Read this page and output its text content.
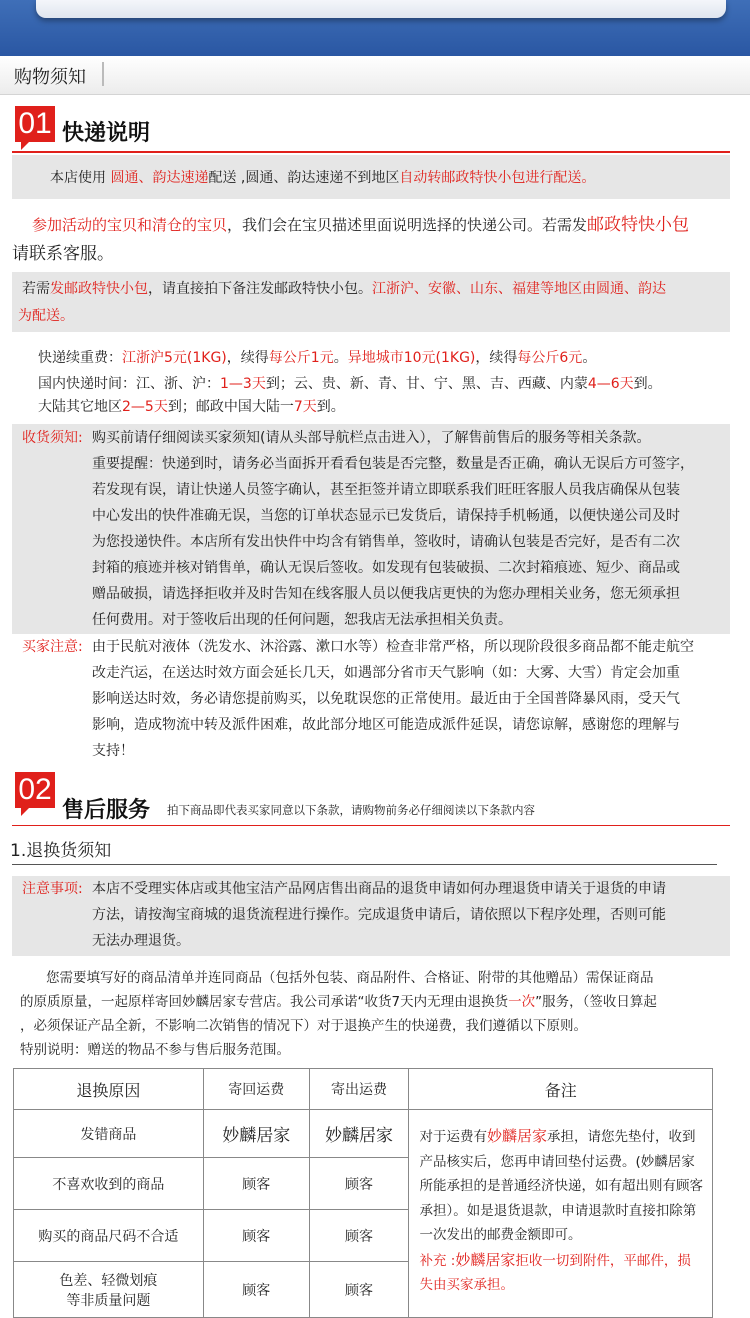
购物须知
01 快递说明
本店使用 圆通、韵达速递配送 ,圆通、韵达速递不到地区自动转邮政特快小包进行配送。
参加活动的宝贝和清仓的宝贝，我们会在宝贝描述里面说明选择的快递公司。若需发邮政特快小包
请联系客服。
若需发邮政特快小包，请直接拍下备注发邮政特快小包。江浙沪、安徽、山东、福建等地区由圆通、韵达
为配送。
快递续重费：江浙沪5元(1KG)，续得每公斤1元。异地城市10元(1KG)，续得每公斤6元。
国内快递时间：江、浙、沪：1—3天到；云、贵、新、青、甘、宁、黑、吉、西藏、内蒙4—6天到。
大陆其它地区2—5天到；邮政中国大陆一7天到。
收货须知: 购买前请仔细阅读买家须知(请从头部导航栏点击进入），了解售前售后的服务等相关条款。
重要提醒：快递到时，请务必当面拆开看看包装是否完整，数量是否正确，确认无误后方可签字，
若发现有误，请让快递人员签字确认，甚至拒签并请立即联系我们旺旺客服人员我店确保从包装
中心发出的快件准确无误，当您的订单状态显示已发货后，请保持手机畅通，以便快递公司及时
为您投递快件。本店所有发出快件中均含有销售单，签收时，请确认包装是否完好，是否有二次
封箱的痕迹并核对销售单，确认无误后签收。如发现有包装破损、二次封箱痕迹、短少、商品或
赠品破损，请选择拒收并及时告知在线客服人员以便我店更快的为您办理相关业务，您无须承担
任何费用。对于签收后出现的任何问题，恕我店无法承担相关负责。
买家注意: 由于民航对液体（洗发水、沐浴露、漱口水等）检查非常严格，所以现阶段很多商品都不能走航空
改走汽运，在送达时效方面会延长几天，如遇部分省市天气影响（如：大雾、大雪）肯定会加重
影响送达时效，务必请您提前购买，以免耽误您的正常使用。最近由于全国普降暴风雨，受天气
影响，造成物流中转及派件困难，故此部分地区可能造成派件延误，请您谅解，感谢您的理解与
支持！
02
售后服务 拍下商品即代表买家同意以下条款，请购物前务必仔细阅读以下条款内容
1.退换货须知
注意事项: 本店不受理实体店或其他宝洁产品网店售出商品的退货申请如何办理退货申请关于退货的申请
方法，请按淘宝商城的退货流程进行操作。完成退货申请后，请依照以下程序处理，否则可能
无法办理退货。
您需要填写好的商品清单并连同商品（包括外包装、商品附件、合格证、附带的其他赠品）需保证商品
的原质原量，一起原样寄回妙麟居家专营店。我公司承诺“收货7天内无理由退换货一次”服务，（签收日算起
，必须保证产品全新，不影响二次销售的情况下）对于退换产生的快递费，我们遵循以下原则。
特别说明：赠送的物品不参与售后服务范围。
退换原因	寄回运费	寄出运费	备注
发错商品	妙麟居家	妙麟居家	对于运费有妙麟居家承担，请您先垫付，收到产品核实后，您再申请回垫付运费。(妙麟居家所能承担的是普通经济快递，如有超出则有顾客承担）。如是退货退款，申请退款时直接扣除第一次发出的邮费金额即可。
补充 :妙麟居家拒收一切到附件，平邮件，损失由买家承担。
不喜欢收到的商品	顾客	顾客	
购买的商品尺码不合适	顾客	顾客	
色差、轻微划痕等非质量问题	顾客	顾客	
